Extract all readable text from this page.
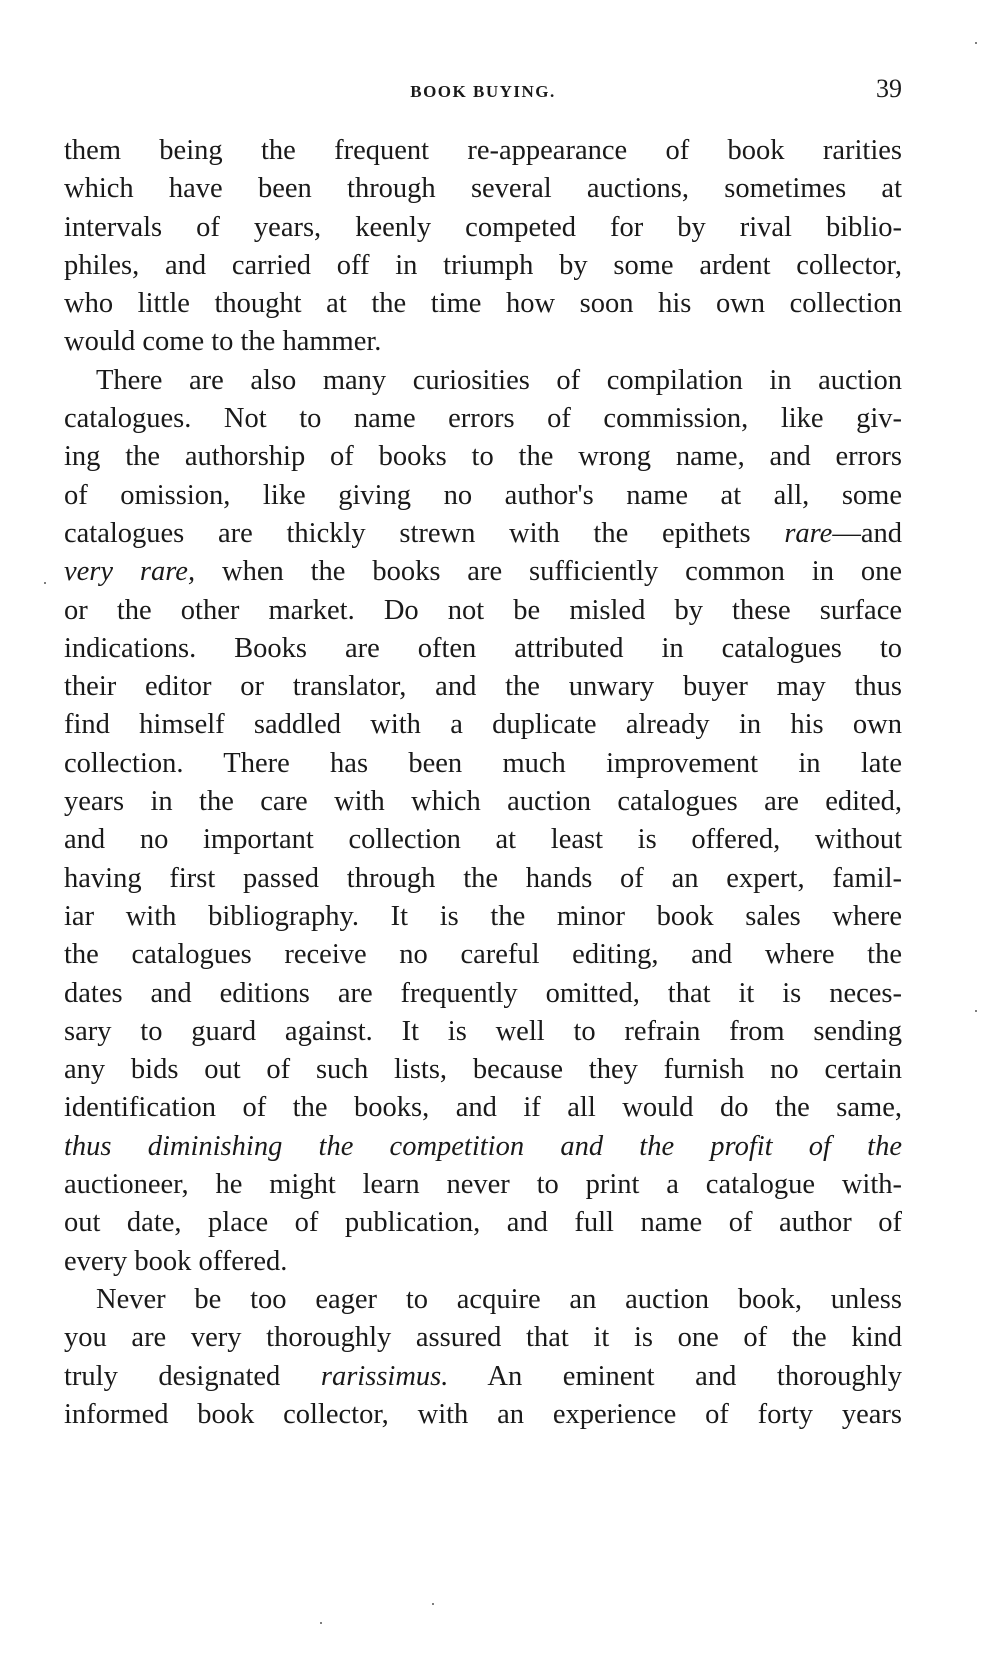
BOOK BUYING.	39
them being the frequent re-appearance of book rarities
which have been through several auctions, sometimes at
intervals of years, keenly competed for by rival biblio-
philes, and carried off in triumph by some ardent collector,
who little thought at the time how soon his own collection
would come to the hammer.
There are also many curiosities of compilation in auction
catalogues. Not to name errors of commission, like giv-
ing the authorship of books to the wrong name, and errors
of omission, like giving no author's name at all, some
catalogues are thickly strewn with the epithets rare—and
very rare, when the books are sufficiently common in one
or the other market. Do not be misled by these surface
indications. Books are often attributed in catalogues to
their editor or translator, and the unwary buyer may thus
find himself saddled with a duplicate already in his own
collection. There has been much improvement in late
years in the care with which auction catalogues are edited,
and no important collection at least is offered, without
having first passed through the hands of an expert, famil-
iar with bibliography. It is the minor book sales where
the catalogues receive no careful editing, and where the
dates and editions are frequently omitted, that it is neces-
sary to guard against. It is well to refrain from sending
any bids out of such lists, because they furnish no certain
identification of the books, and if all would do the same,
thus diminishing the competition and the profit of the
auctioneer, he might learn never to print a catalogue with-
out date, place of publication, and full name of author of
every book offered.
Never be too eager to acquire an auction book, unless
you are very thoroughly assured that it is one of the kind
truly designated rarissimus. An eminent and thoroughly
informed book collector, with an experience of forty years
